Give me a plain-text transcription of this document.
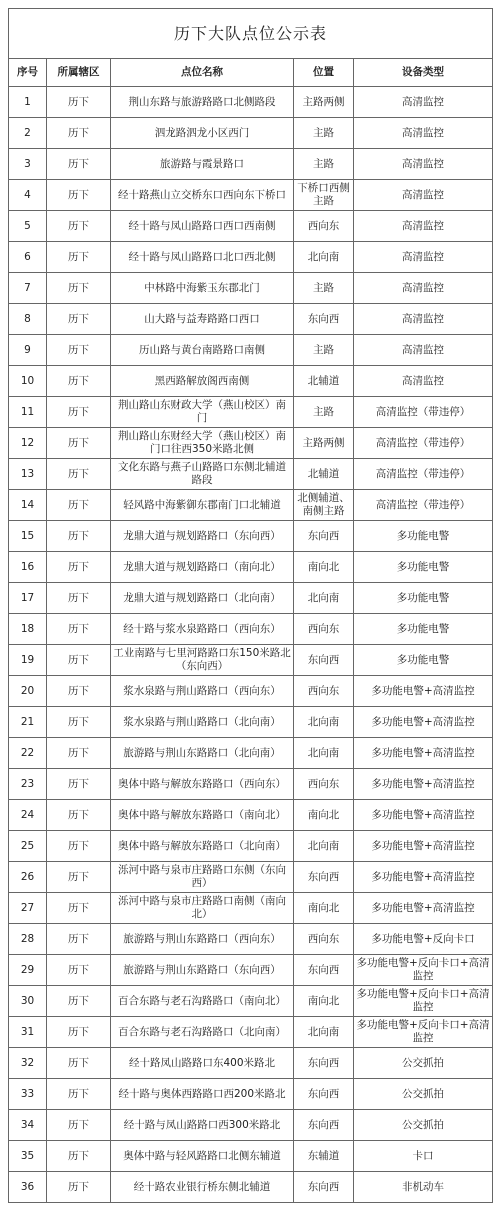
历下大队点位公示表				
序号	所属辖区	点位名称	位置	设备类型
1	历下	荆山东路与旅游路路口北侧路段	主路两侧	高清监控
2	历下	泗龙路泗龙小区西门	主路	高清监控
3	历下	旅游路与霞景路口	主路	高清监控
4	历下	经十路燕山立交桥东口西向东下桥口	下桥口西侧主路	高清监控
5	历下	经十路与凤山路路口西口西南侧	西向东	高清监控
6	历下	经十路与凤山路路口北口西北侧	北向南	高清监控
7	历下	中林路中海紫玉东郡北门	主路	高清监控
8	历下	山大路与益寿路路口西口	东向西	高清监控
9	历下	历山路与黄台南路路口南侧	主路	高清监控
10	历下	黑西路解放阁西南侧	北辅道	高清监控
11	历下	荆山路山东财政大学（燕山校区）南门	主路	高清监控（带违停）
12	历下	荆山路山东财经大学（燕山校区）南门口往西350米路北侧	主路两侧	高清监控（带违停）
13	历下	文化东路与燕子山路路口东侧北辅道路段	北辅道	高清监控（带违停）
14	历下	轻风路中海紫御东郡南门口北辅道	北侧辅道、南侧主路	高清监控（带违停）
15	历下	龙鼎大道与规划路路口（东向西）	东向西	多功能电警
16	历下	龙鼎大道与规划路路口（南向北）	南向北	多功能电警
17	历下	龙鼎大道与规划路路口（北向南）	北向南	多功能电警
18	历下	经十路与浆水泉路路口（西向东）	西向东	多功能电警
19	历下	工业南路与七里河路路口东150米路北（东向西）	东向西	多功能电警
20	历下	浆水泉路与荆山路路口（西向东）	西向东	多功能电警+高清监控
21	历下	浆水泉路与荆山路路口（北向南）	北向南	多功能电警+高清监控
22	历下	旅游路与荆山东路路口（北向南）	北向南	多功能电警+高清监控
23	历下	奥体中路与解放东路路口（西向东）	西向东	多功能电警+高清监控
24	历下	奥体中路与解放东路路口（南向北）	南向北	多功能电警+高清监控
25	历下	奥体中路与解放东路路口（北向南）	北向南	多功能电警+高清监控
26	历下	泺河中路与泉市庄路路口东侧（东向西）	东向西	多功能电警+高清监控
27	历下	泺河中路与泉市庄路路口南侧（南向北）	南向北	多功能电警+高清监控
28	历下	旅游路与荆山东路路口（西向东）	西向东	多功能电警+反向卡口
29	历下	旅游路与荆山东路路口（东向西）	东向西	多功能电警+反向卡口+高清监控
30	历下	百合东路与老石沟路路口（南向北）	南向北	多功能电警+反向卡口+高清监控
31	历下	百合东路与老石沟路路口（北向南）	北向南	多功能电警+反向卡口+高清监控
32	历下	经十路凤山路路口东400米路北	东向西	公交抓拍
33	历下	经十路与奥体西路路口西200米路北	东向西	公交抓拍
34	历下	经十路与凤山路路口西300米路北	东向西	公交抓拍
35	历下	奥体中路与轻风路路口北侧东辅道	东辅道	卡口
36	历下	经十路农业银行桥东侧北辅道	东向西	非机动车
